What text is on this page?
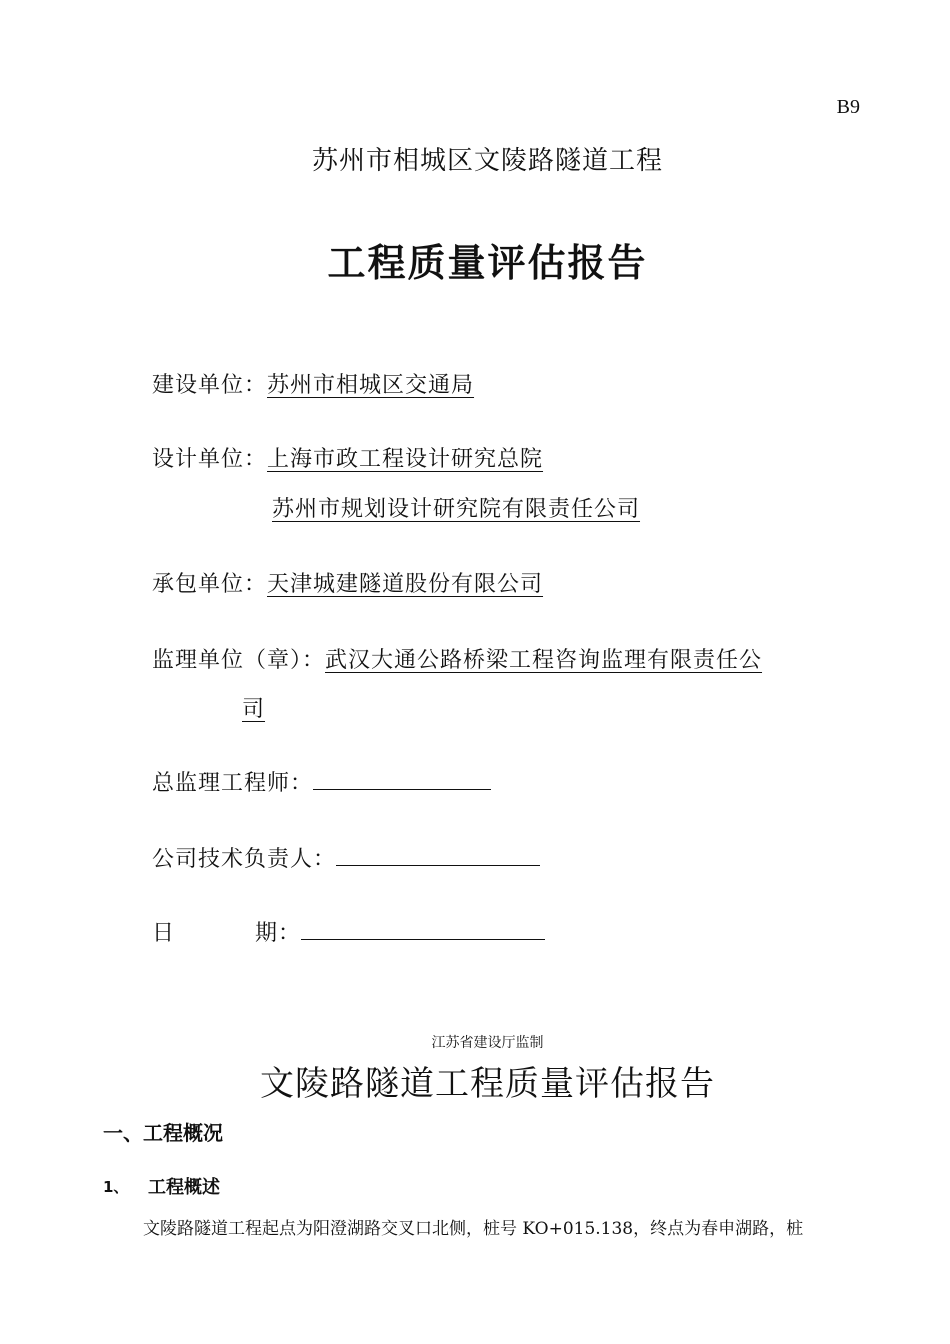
B9
苏州市相城区文陵路隧道工程
工程质量评估报告
建设单位：苏州市相城区交通局
设计单位：上海市政工程设计研究总院
苏州市规划设计研究院有限责任公司
承包单位：天津城建隧道股份有限公司
监理单位（章）：武汉大通公路桥梁工程咨询监理有限责任公
司
总监理工程师：
公司技术负责人：
日	期：
江苏省建设厅监制
文陵路隧道工程质量评估报告
一、工程概况
1、 工程概述
文陵路隧道工程起点为阳澄湖路交叉口北侧，桩号 KO+015.138，终点为春申湖路，桩
